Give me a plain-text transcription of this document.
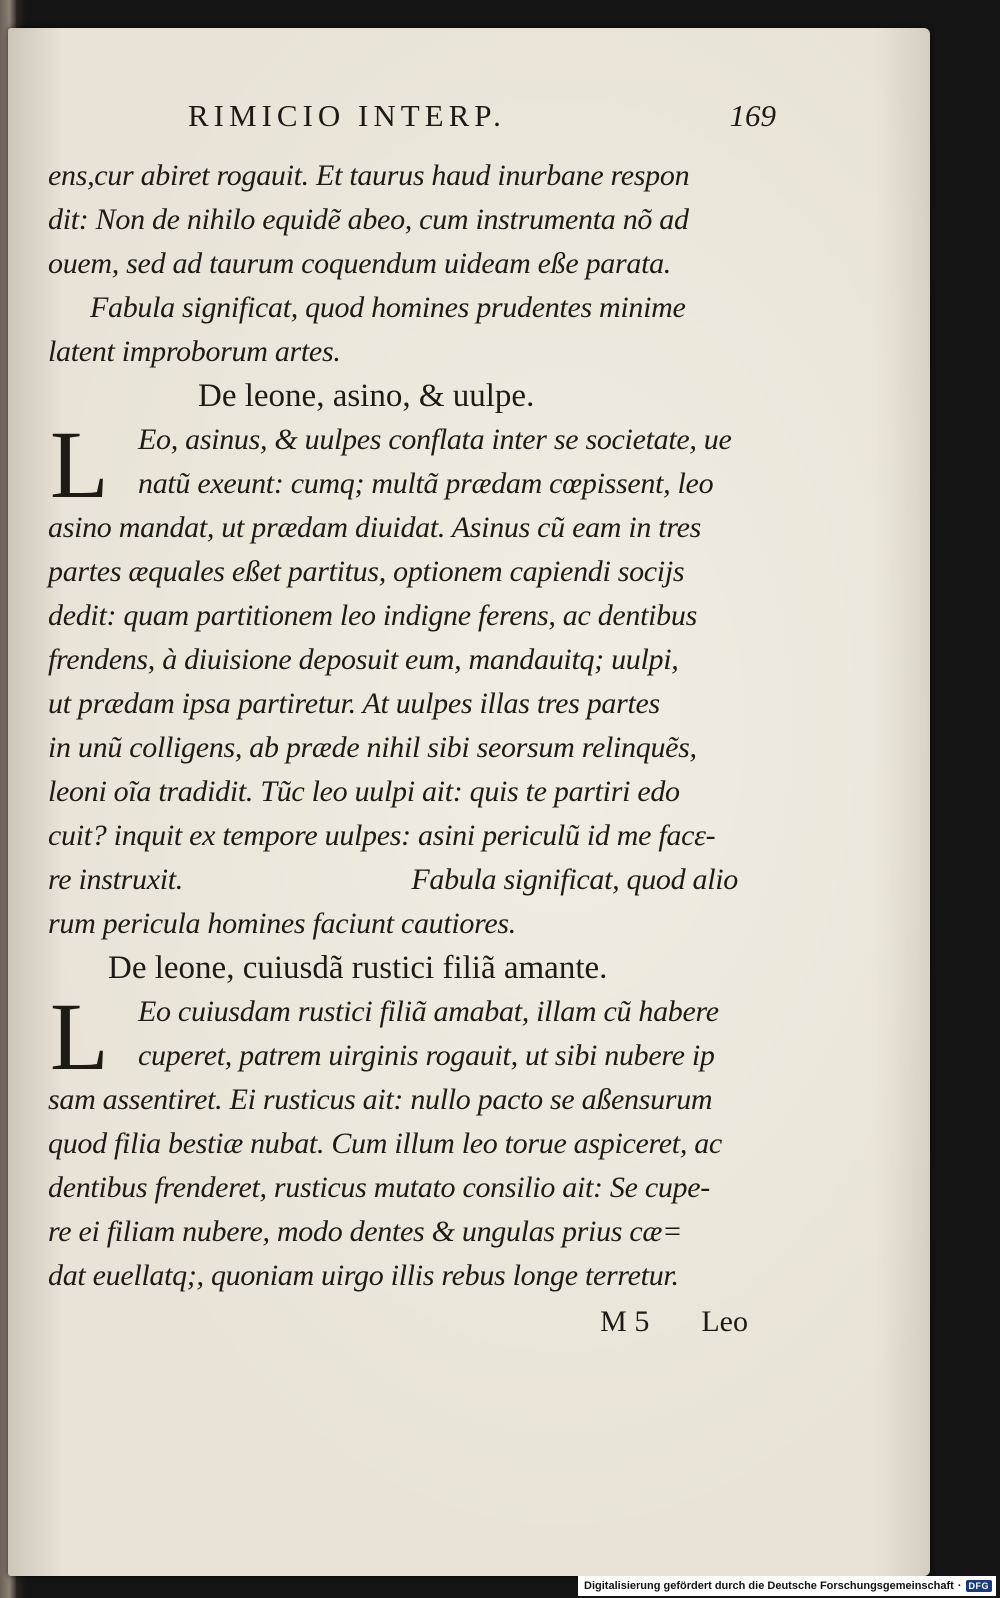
RIMICIO INTERP.	169
ens,cur abiret rogauit. Et taurus haud inurbane respon
dit: Non de nihilo equidẽ abeo, cum instrumenta nõ ad
ouem, sed ad taurum coquendum uideam eße parata.
Fabula significat, quod homines prudentes minime
latent improborum artes.
De leone, asino, & uulpe.
L Eo, asinus, & uulpes conflata inter se societate, ue
natũ exeunt: cumq; multã prædam cœpissent, leo
asino mandat, ut prædam diuidat. Asinus cũ eam in tres
partes æquales eßet partitus, optionem capiendi socijs
dedit: quam partitionem leo indigne ferens, ac dentibus
frendens, à diuisione deposuit eum, mandauitq; uulpi,
ut prædam ipsa partiretur. At uulpes illas tres partes
in unũ colligens, ab præde nihil sibi seorsum relinquẽs,
leoni oĩa tradidit. Tũc leo uulpi ait: quis te partiri edo
cuit? inquit ex tempore uulpes: asini periculũ id me facε-
re instruxit.	Fabula significat, quod alio
rum pericula homines faciunt cautiores.
De leone, cuiusdã rustici filiã amante.
L Eo cuiusdam rustici filiã amabat, illam cũ habere
cuperet, patrem uirginis rogauit, ut sibi nubere ip
sam assentiret. Ei rusticus ait: nullo pacto se aßensurum
quod filia bestiæ nubat. Cum illum leo torue aspiceret, ac
dentibus frenderet, rusticus mutato consilio ait: Se cupe-
re ei filiam nubere, modo dentes & ungulas prius cæ=
dat euellatq;, quoniam uirgo illis rebus longe terretur.
M 5 Leo
Digitalisierung gefördert durch die Deutsche Forschungsgemeinschaft · DFG
